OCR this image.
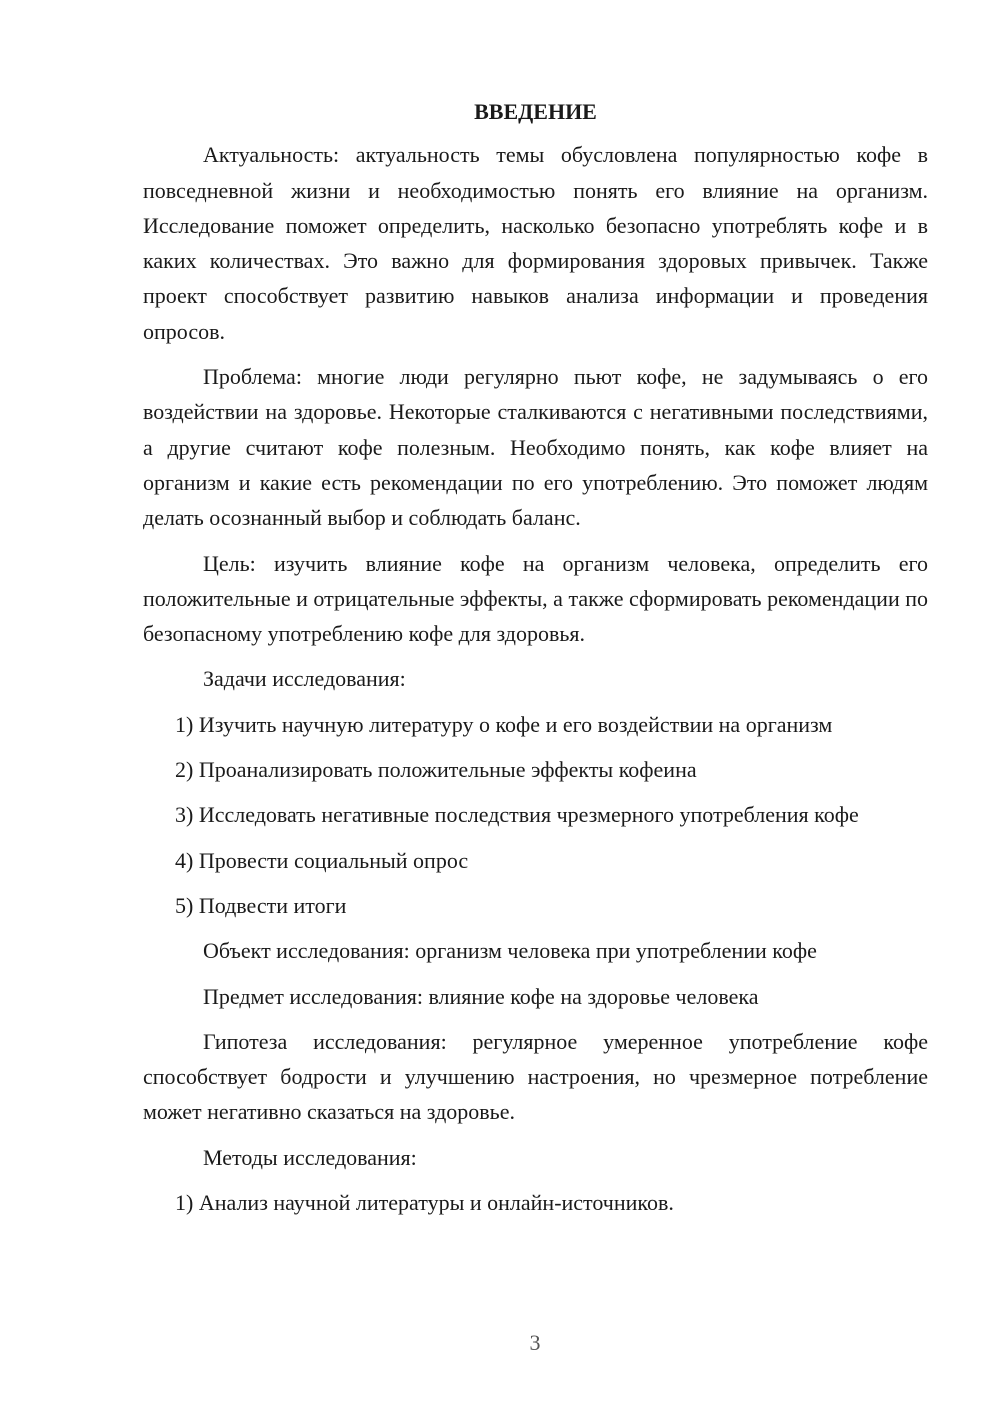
ВВЕДЕНИЕ

Актуальность: актуальность темы обусловлена популярностью кофе в повседневной жизни и необходимостью понять его влияние на организм. Исследование поможет определить, насколько безопасно употреблять кофе и в каких количествах. Это важно для формирования здоровых привычек. Также проект способствует развитию навыков анализа информации и проведения опросов.

Проблема: многие люди регулярно пьют кофе, не задумываясь о его воздействии на здоровье. Некоторые сталкиваются с негативными последствиями, а другие считают кофе полезным. Необходимо понять, как кофе влияет на организм и какие есть рекомендации по его употреблению. Это поможет людям делать осознанный выбор и соблюдать баланс.

Цель: изучить влияние кофе на организм человека, определить его положительные и отрицательные эффекты, а также сформировать рекомендации по безопасному употреблению кофе для здоровья.

Задачи исследования:

1) Изучить научную литературу о кофе и его воздействии на организм

2) Проанализировать положительные эффекты кофеина

3) Исследовать негативные последствия чрезмерного употребления кофе

4) Провести социальный опрос

5) Подвести итоги

Объект исследования: организм человека при употреблении кофе

Предмет исследования: влияние кофе на здоровье человека

Гипотеза исследования: регулярное умеренное употребление кофе способствует бодрости и улучшению настроения, но чрезмерное потребление может негативно сказаться на здоровье.

Методы исследования:

1) Анализ научной литературы и онлайн-источников.

3
